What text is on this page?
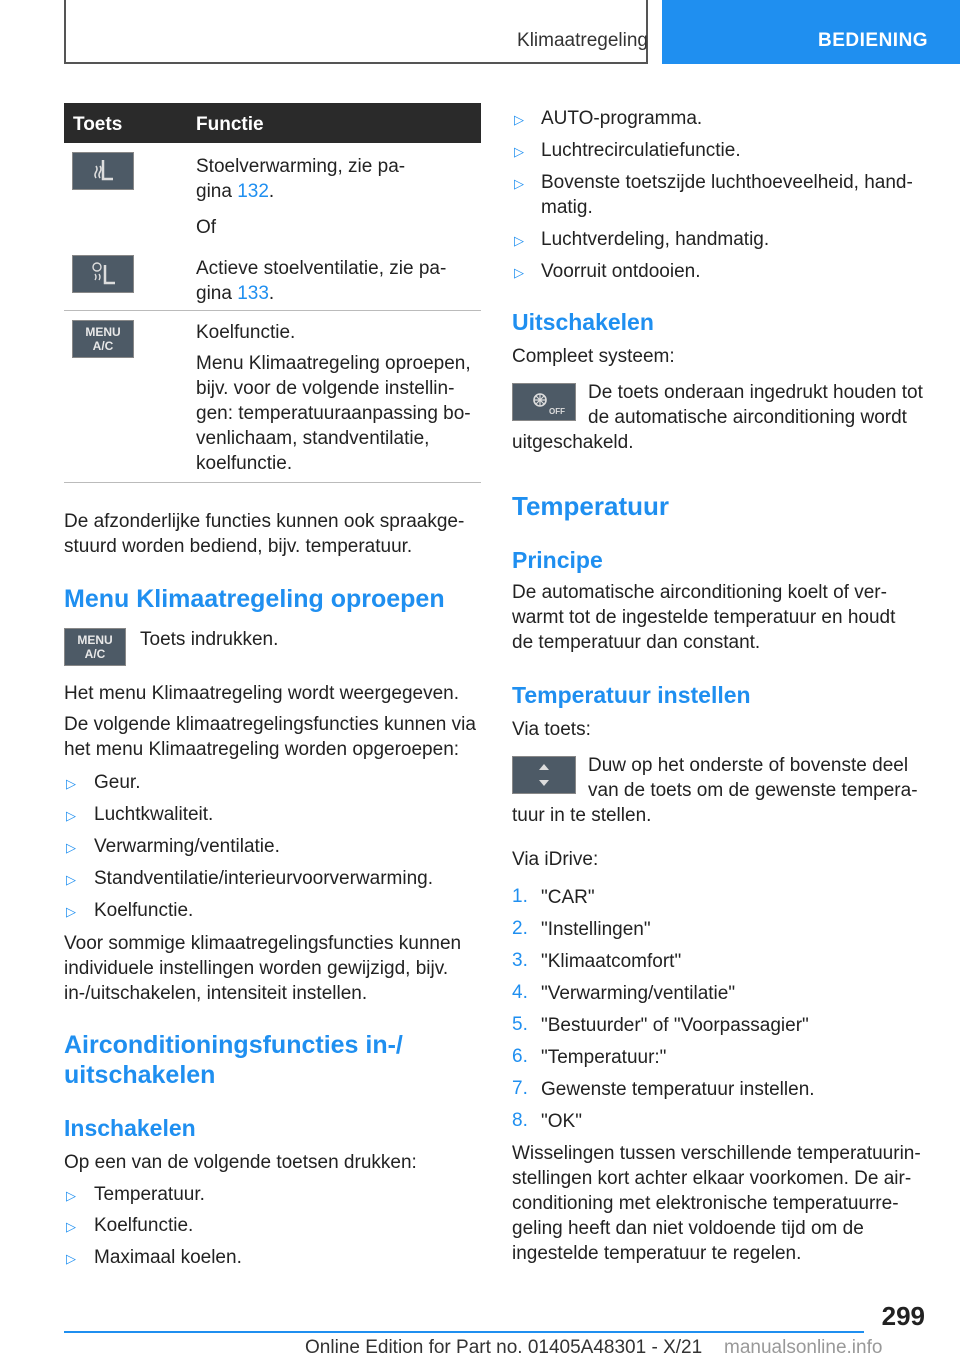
Klimaatregeling	BEDIENING
Toets	Functie

Stoelverwarming, zie pa-
gina 132.

Of

Actieve stoelventilatie, zie pa-
gina 133.

MENU
A/C

Koelfunctie.

Menu Klimaatregeling oproepen,
bijv. voor de volgende instellin-
gen: temperatuuraanpassing bo-
venlichaam, standventilatie,
koelfunctie.

De afzonderlijke functies kunnen ook spraakge-
stuurd worden bediend, bijv. temperatuur.

Menu Klimaatregeling oproepen
MENU
A/C

Toets indrukken.

Het menu Klimaatregeling wordt weergegeven.

De volgende klimaatregelingsfuncties kunnen via
het menu Klimaatregeling worden opgeroepen:

▷ Geur.

▷ Luchtkwaliteit.

▷ Verwarming/ventilatie.

▷ Standventilatie/interieurvoorverwarming.

▷ Koelfunctie.

Voor sommige klimaatregelingsfuncties kunnen
individuele instellingen worden gewijzigd, bijv.
in-/uitschakelen, intensiteit instellen.

Airconditioningsfuncties in-/
uitschakelen
Inschakelen

Op een van de volgende toetsen drukken:

▷ Temperatuur.

▷ Koelfunctie.

▷ Maximaal koelen.

▷ AUTO-programma.

▷ Luchtrecirculatiefunctie.

▷ Bovenste toetszijde luchthoeveelheid, hand-
matig.

▷ Luchtverdeling, handmatig.

▷ Voorruit ontdooien.

Uitschakelen

Compleet systeem:

OFF

De toets onderaan ingedrukt houden tot
de automatische airconditioning wordt

uitgeschakeld.

Temperatuur
Principe

De automatische airconditioning koelt of ver-
warmt tot de ingestelde temperatuur en houdt
de temperatuur dan constant.

Temperatuur instellen

Via toets:

Duw op het onderste of bovenste deel
van de toets om de gewenste tempera-

tuur in te stellen.

Via iDrive:

1. "CAR"

2. "Instellingen"

3. "Klimaatcomfort"

4. "Verwarming/ventilatie"

5. "Bestuurder" of "Voorpassagier"

6. "Temperatuur:"

7. Gewenste temperatuur instellen.

8. "OK"

Wisselingen tussen verschillende temperatuurin-
stellingen kort achter elkaar voorkomen. De air-
conditioning met elektronische temperatuurre-
geling heeft dan niet voldoende tijd om de
ingestelde temperatuur te regelen.

299
Online Edition for Part no. 01405A48301 - X/21 manualsonline.info
